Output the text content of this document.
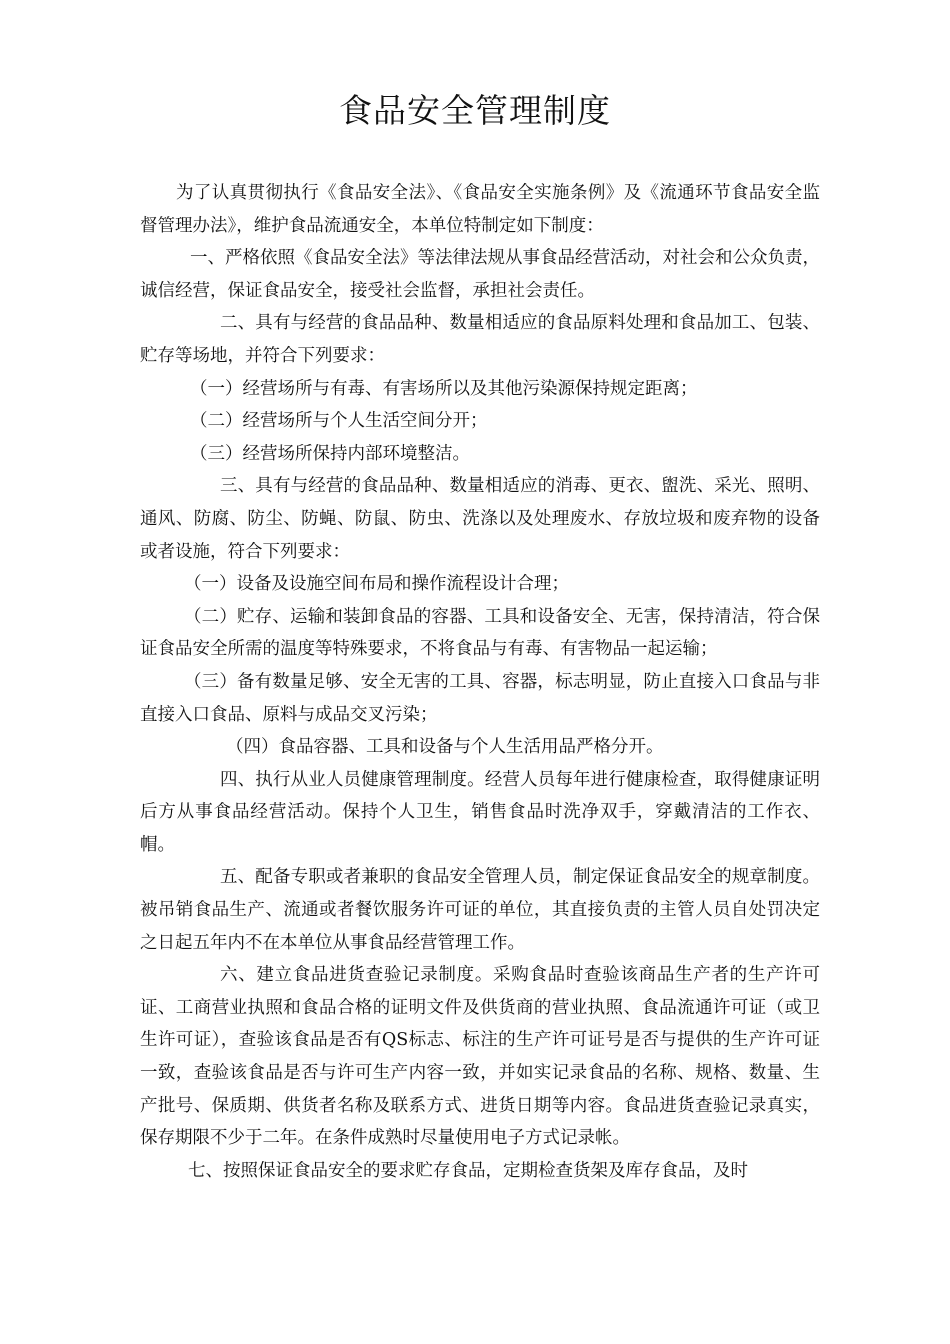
食品安全管理制度

为了认真贯彻执行《食品安全法》、《食品安全实施条例》及《流通环节食品安全监督管理办法》，维护食品流通安全，本单位特制定如下制度：

一、严格依照《食品安全法》等法律法规从事食品经营活动，对社会和公众负责，诚信经营，保证食品安全，接受社会监督，承担社会责任。

二、具有与经营的食品品种、数量相适应的食品原料处理和食品加工、包装、贮存等场地，并符合下列要求：

（一）经营场所与有毒、有害场所以及其他污染源保持规定距离；

（二）经营场所与个人生活空间分开；

（三）经营场所保持内部环境整洁。

三、具有与经营的食品品种、数量相适应的消毒、更衣、盥洗、采光、照明、通风、防腐、防尘、防蝇、防鼠、防虫、洗涤以及处理废水、存放垃圾和废弃物的设备或者设施，符合下列要求：

（一）设备及设施空间布局和操作流程设计合理；

（二）贮存、运输和装卸食品的容器、工具和设备安全、无害，保持清洁，符合保证食品安全所需的温度等特殊要求，不将食品与有毒、有害物品一起运输；

（三）备有数量足够、安全无害的工具、容器，标志明显，防止直接入口食品与非直接入口食品、原料与成品交叉污染；

（四）食品容器、工具和设备与个人生活用品严格分开。

四、执行从业人员健康管理制度。经营人员每年进行健康检查，取得健康证明后方从事食品经营活动。保持个人卫生，销售食品时洗净双手，穿戴清洁的工作衣、帽。

五、配备专职或者兼职的食品安全管理人员，制定保证食品安全的规章制度。被吊销食品生产、流通或者餐饮服务许可证的单位，其直接负责的主管人员自处罚决定之日起五年内不在本单位从事食品经营管理工作。

六、建立食品进货查验记录制度。采购食品时查验该商品生产者的生产许可证、工商营业执照和食品合格的证明文件及供货商的营业执照、食品流通许可证（或卫生许可证），查验该食品是否有QS标志、标注的生产许可证号是否与提供的生产许可证一致，查验该食品是否与许可生产内容一致，并如实记录食品的名称、规格、数量、生产批号、保质期、供货者名称及联系方式、进货日期等内容。食品进货查验记录真实，保存期限不少于二年。在条件成熟时尽量使用电子方式记录帐。

七、按照保证食品安全的要求贮存食品，定期检查货架及库存食品，及时
